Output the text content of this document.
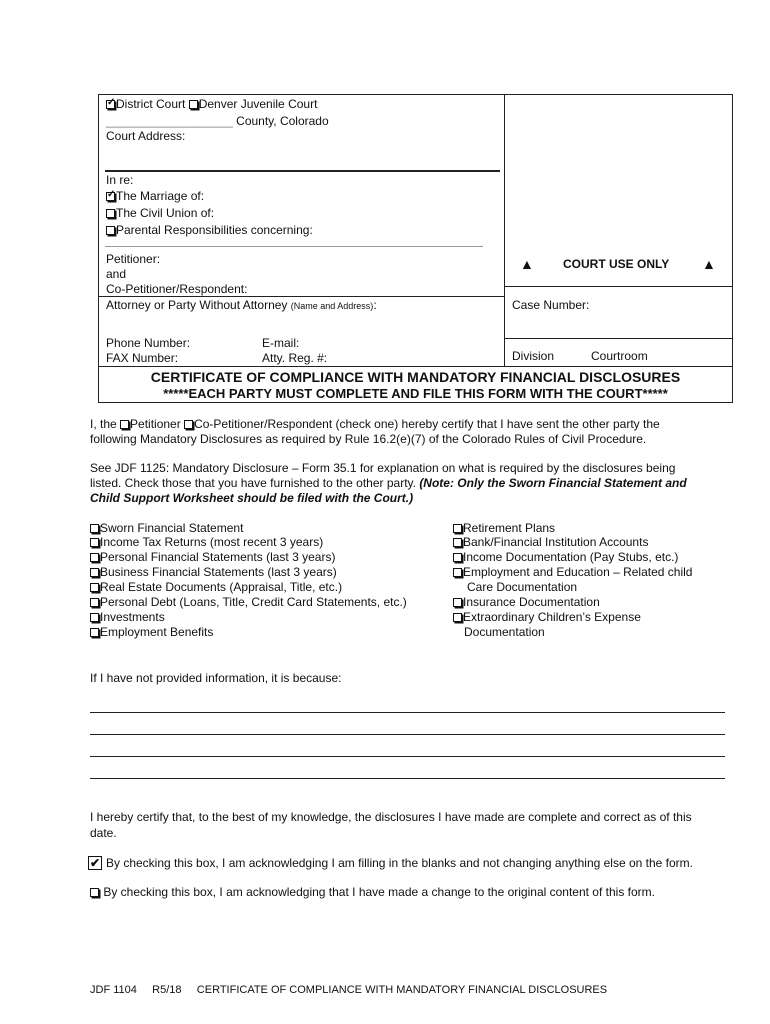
✓ District Court Denver Juvenile Court
___________________ County, Colorado
Court Address:
In re:
✓ The Marriage of:
The Civil Union of:
Parental Responsibilities concerning:
Petitioner:
and
Co-Petitioner/Respondent:
Attorney or Party Without Attorney (Name and Address):
Phone Number:
FAX Number:
E-mail:
Atty. Reg. #:
▲ COURT USE ONLY ▲
Case Number:
Division	Courtroom
CERTIFICATE OF COMPLIANCE WITH MANDATORY FINANCIAL DISCLOSURES
*****EACH PARTY MUST COMPLETE AND FILE THIS FORM WITH THE COURT*****
I, the Petitioner Co-Petitioner/Respondent (check one) hereby certify that I have sent the other party the
following Mandatory Disclosures as required by Rule 16.2(e)(7) of the Colorado Rules of Civil Procedure.
See JDF 1125: Mandatory Disclosure – Form 35.1 for explanation on what is required by the disclosures being
listed. Check those that you have furnished to the other party. (Note: Only the Sworn Financial Statement and
Child Support Worksheet should be filed with the Court.)
Sworn Financial Statement
Income Tax Returns (most recent 3 years)
Personal Financial Statements (last 3 years)
Business Financial Statements (last 3 years)
Real Estate Documents (Appraisal, Title, etc.)
Personal Debt (Loans, Title, Credit Card Statements, etc.)
Investments
Employment Benefits
Retirement Plans
Bank/Financial Institution Accounts
Income Documentation (Pay Stubs, etc.)
Employment and Education – Related child
Care Documentation
Insurance Documentation
Extraordinary Children’s Expense
Documentation
If I have not provided information, it is because:
I hereby certify that, to the best of my knowledge, the disclosures I have made are complete and correct as of this
date.
✔ By checking this box, I am acknowledging I am filling in the blanks and not changing anything else on the form.
By checking this box, I am acknowledging that I have made a change to the original content of this form.
JDF 1104 R5/18 CERTIFICATE OF COMPLIANCE WITH MANDATORY FINANCIAL DISCLOSURES
